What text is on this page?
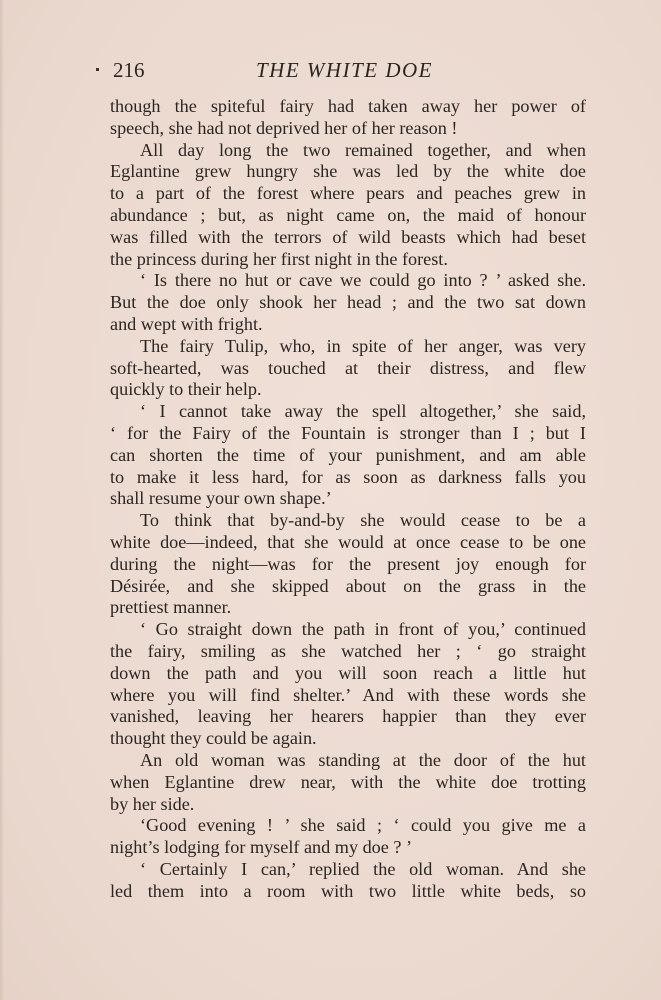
216	THE WHITE DOE
though the spiteful fairy had taken away her power of
speech, she had not deprived her of her reason !
All day long the two remained together, and when
Eglantine grew hungry she was led by the white doe
to a part of the forest where pears and peaches grew in
abundance ; but, as night came on, the maid of honour
was filled with the terrors of wild beasts which had beset
the princess during her first night in the forest.
‘ Is there no hut or cave we could go into ? ’ asked she.
But the doe only shook her head ; and the two sat down
and wept with fright.
The fairy Tulip, who, in spite of her anger, was very
soft-hearted, was touched at their distress, and flew
quickly to their help.
‘ I cannot take away the spell altogether,’ she said,
‘ for the Fairy of the Fountain is stronger than I ; but I
can shorten the time of your punishment, and am able
to make it less hard, for as soon as darkness falls you
shall resume your own shape.’
To think that by-and-by she would cease to be a
white doe—indeed, that she would at once cease to be one
during the night—was for the present joy enough for
Désirée, and she skipped about on the grass in the
prettiest manner.
‘ Go straight down the path in front of you,’ continued
the fairy, smiling as she watched her ; ‘ go straight
down the path and you will soon reach a little hut
where you will find shelter.’ And with these words she
vanished, leaving her hearers happier than they ever
thought they could be again.
An old woman was standing at the door of the hut
when Eglantine drew near, with the white doe trotting
by her side.
‘Good evening ! ’ she said ; ‘ could you give me a
night’s lodging for myself and my doe ? ’
‘ Certainly I can,’ replied the old woman. And she
led them into a room with two little white beds, so
